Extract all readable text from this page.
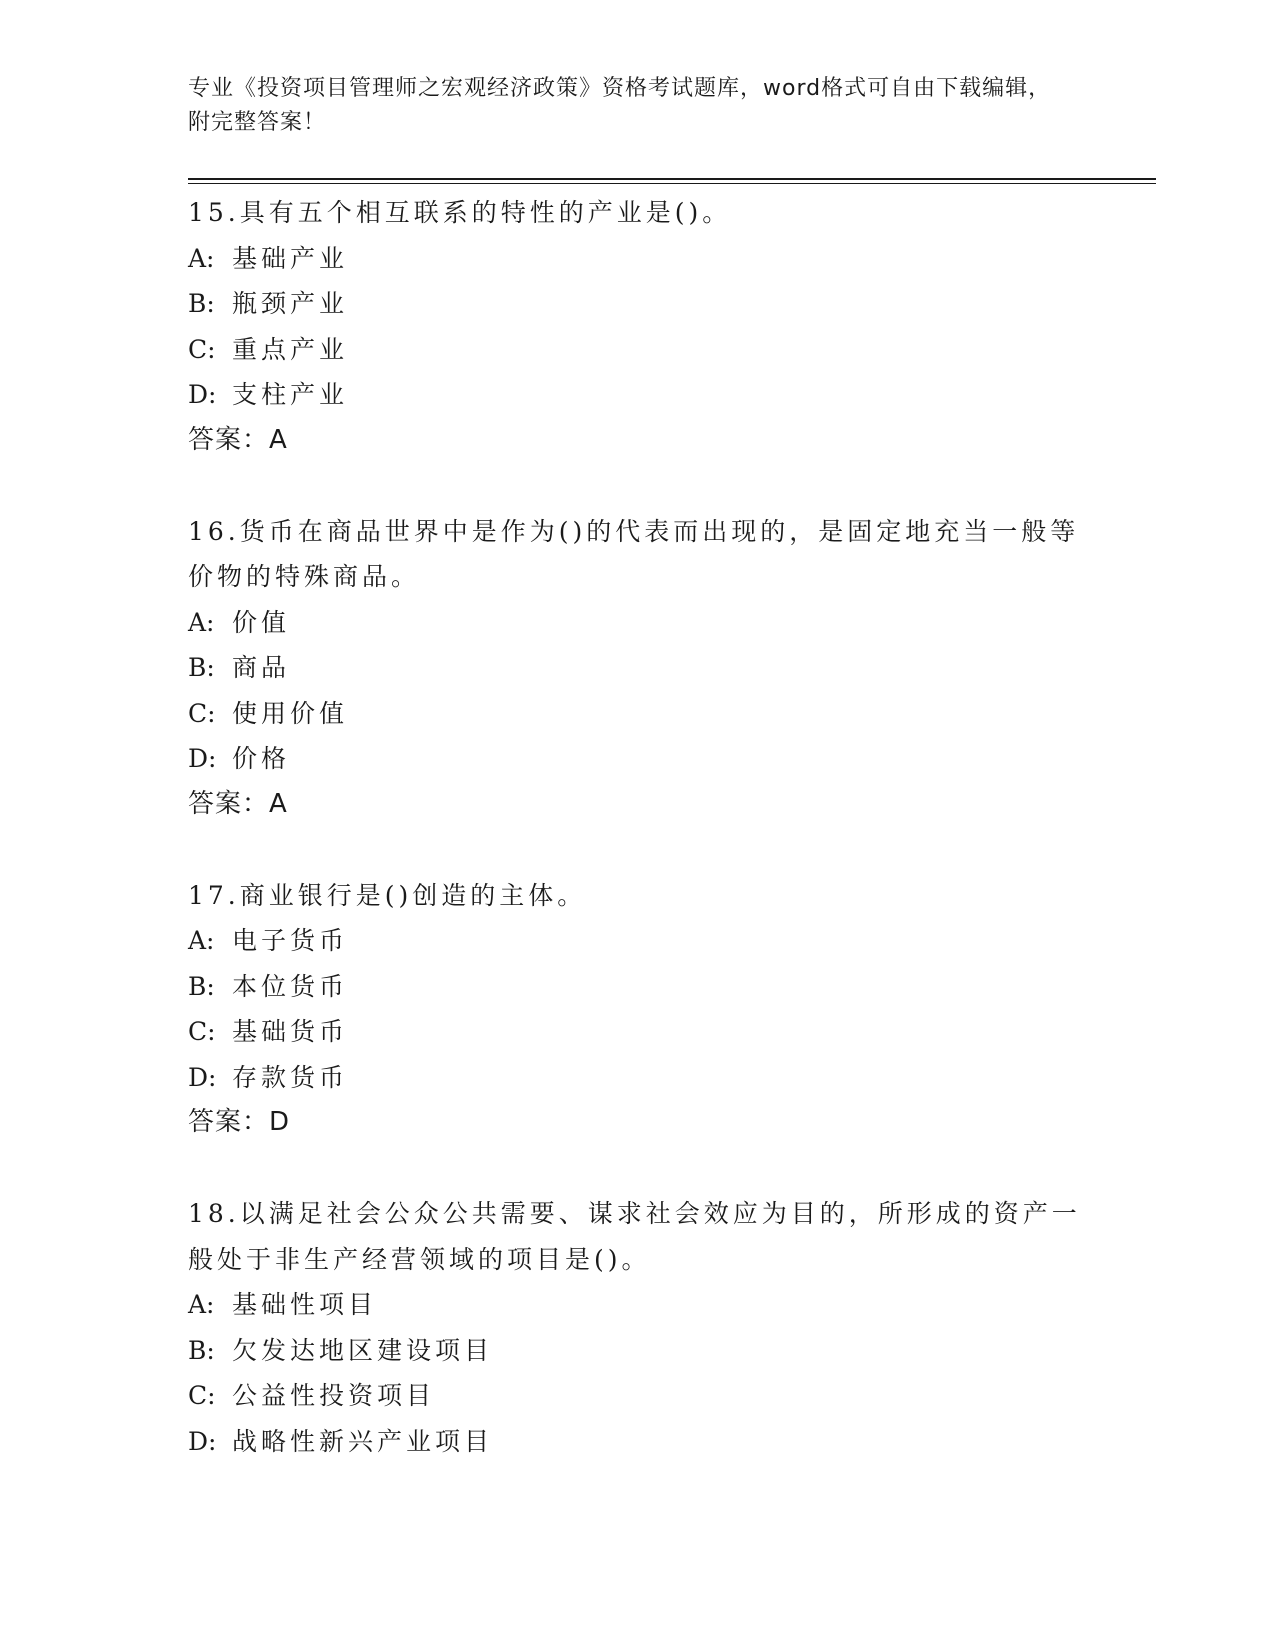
专业《投资项目管理师之宏观经济政策》资格考试题库，word格式可自由下载编辑，附完整答案！

15.具有五个相互联系的特性的产业是()。

A: 基础产业

B: 瓶颈产业

C: 重点产业

D: 支柱产业

答案：A

16.货币在商品世界中是作为()的代表而出现的，是固定地充当一般等价物的特殊商品。

A: 价值

B: 商品

C: 使用价值

D: 价格

答案：A

17.商业银行是()创造的主体。

A: 电子货币

B: 本位货币

C: 基础货币

D: 存款货币

答案：D

18.以满足社会公众公共需要、谋求社会效应为目的，所形成的资产一般处于非生产经营领域的项目是()。

A: 基础性项目

B: 欠发达地区建设项目

C: 公益性投资项目

D: 战略性新兴产业项目
